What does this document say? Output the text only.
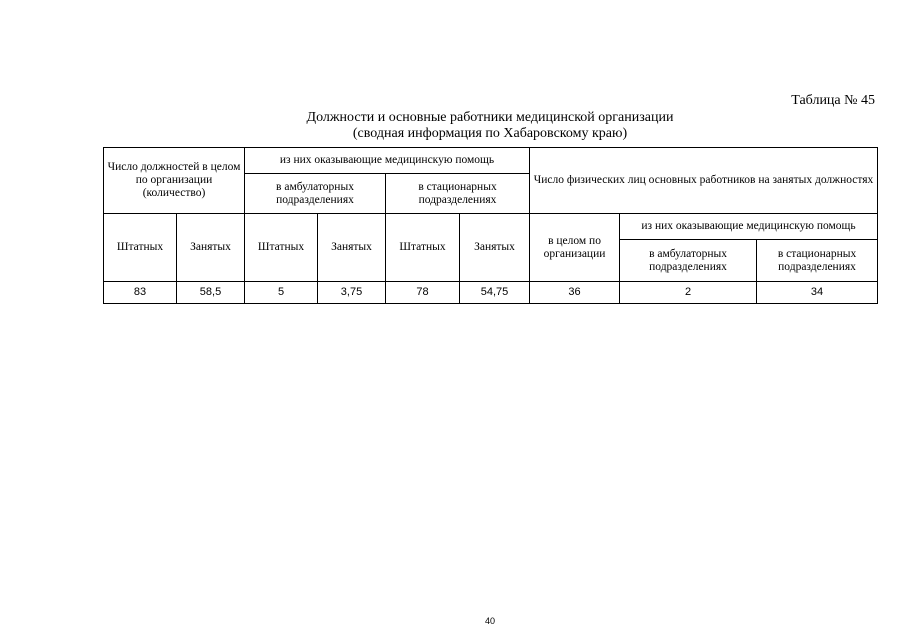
Таблица № 45
Должности и основные работники медицинской организации
(сводная информация по Хабаровскому краю)
Число должностей в целом по организации (количество)		из них оказывающие медицинскую помощь				Число физических лиц основных работников на занятых должностях		
		в амбулаторных подразделениях		в стационарных подразделениях				
Штатных	Занятых	Штатных	Занятых	Штатных	Занятых	в целом по организации	из них оказывающие медицинскую помощь	
							в амбулаторных подразделениях	в стационарных подразделениях
83	58,5	5	3,75	78	54,75	36	2	34
40
